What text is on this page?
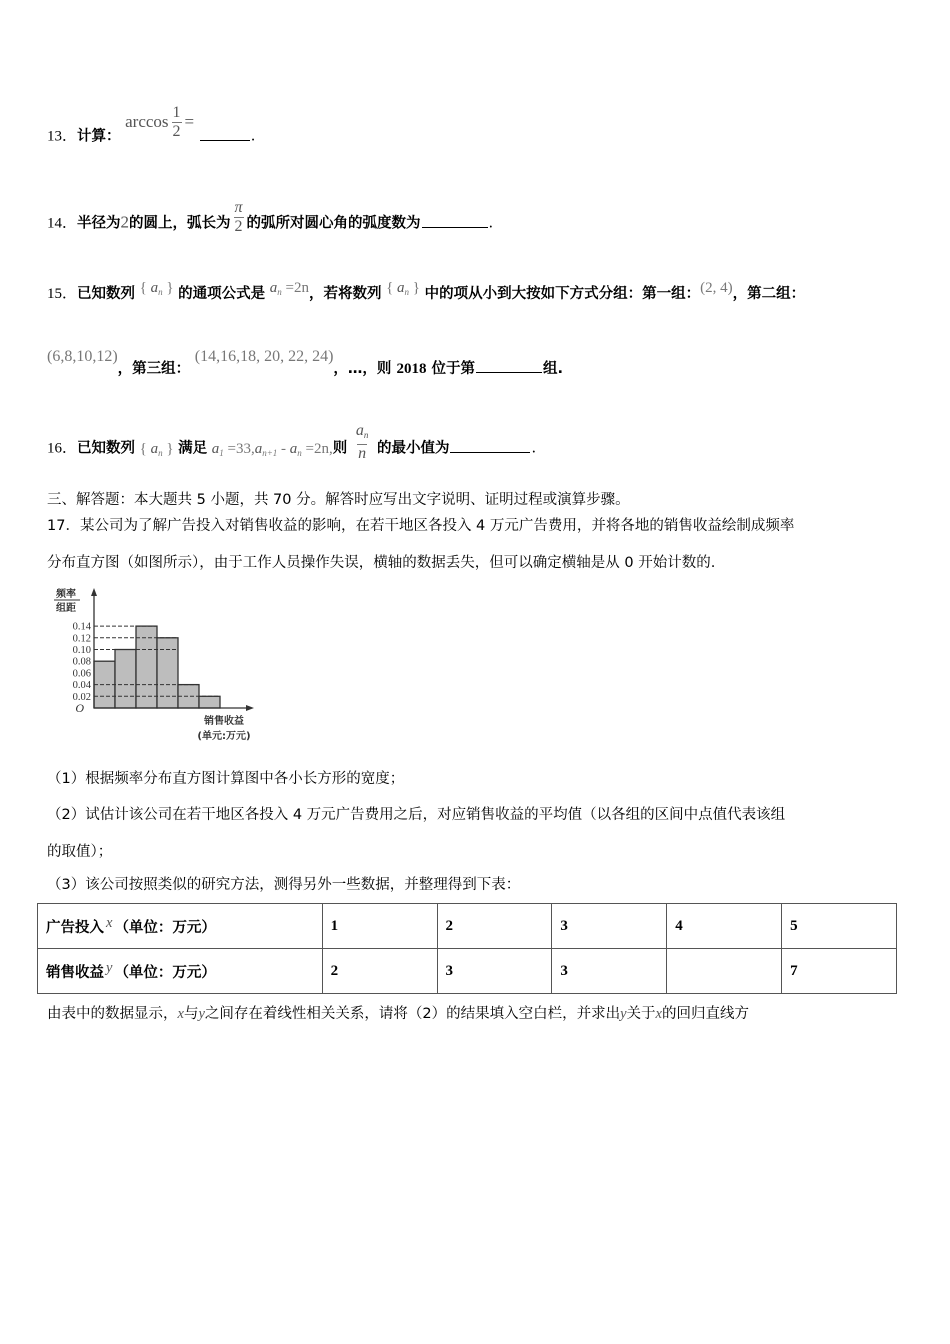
13．计算： $\arccos \frac{1}{2}$ = .
14．半径为2的圆上，弧长为 $\frac{\pi}{2}$ 的弧所对圆心角的弧度数为	.
15．已知数列 { $a_n$ } 的通项公式是 $a_n =2n$，若将数列 { $a_n$ } 中的项从小到大按如下方式分组：第一组：(2, 4)，第二组：
(6,8,10,12)，第三组： (14,16,18, 20, 22, 24)，…，则 2018 位于第	组.
16．已知数列 { $a_n$ } 满足 $a_1 =33,a_{n+1} - a_n =2n$,则 $\frac{a_n}{n}$ 的最小值为	.
三、解答题：本大题共 5 小题，共 70 分。解答时应写出文字说明、证明过程或演算步骤。
17．某公司为了解广告投入对销售收益的影响，在若干地区各投入 4 万元广告费用，并将各地的销售收益绘制成频率
分布直方图（如图所示），由于工作人员操作失误，横轴的数据丢失，但可以确定横轴是从 0 开始计数的.
0.02
0.04
0.06
0.08
0.10
0.12
0.14
O
频率
组距
销售收益
(单元:万元)
（1）根据频率分布直方图计算图中各小长方形的宽度；
（2）试估计该公司在若干地区各投入 4 万元广告费用之后，对应销售收益的平均值（以各组的区间中点值代表该组
的取值）；
（3）该公司按照类似的研究方法，测得另外一些数据，并整理得到下表：
广告投入 x （单位：万元）	1	2	3	4	5
销售收益 y （单位：万元）	2	3	3		7
由表中的数据显示，x与y之间存在着线性相关关系，请将（2）的结果填入空白栏，并求出y关于x的回归直线方
